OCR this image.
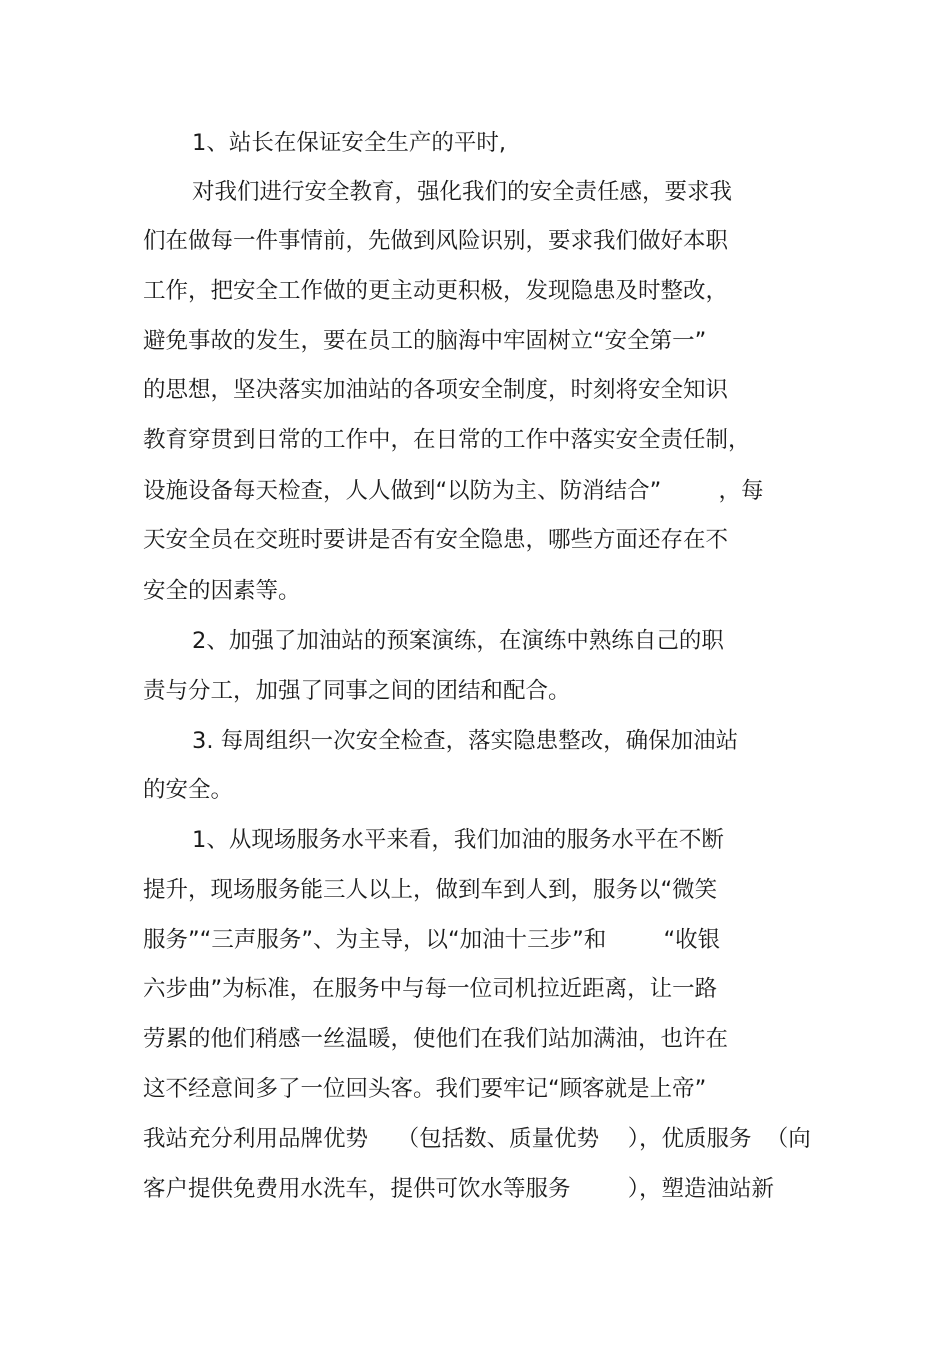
1、站长在保证安全生产的平时,
对我们进行安全教育，强化我们的安全责任感，要求我
们在做每一件事情前，先做到风险识别，要求我们做好本职
工作，把安全工作做的更主动更积极，发现隐患及时整改，
避免事故的发生，要在员工的脑海中牢固树立“安全第一”
的思想，坚决落实加油站的各项安全制度，时刻将安全知识
教育穿贯到日常的工作中，在日常的工作中落实安全责任制，
设施设备每天检查，人人做到“以防为主、防消结合”        ，每
天安全员在交班时要讲是否有安全隐患，哪些方面还存在不
安全的因素等。
2、加强了加油站的预案演练，在演练中熟练自己的职
责与分工，加强了同事之间的团结和配合。
3. 每周组织一次安全检查，落实隐患整改，确保加油站
的安全。
1、从现场服务水平来看，我们加油的服务水平在不断
提升，现场服务能三人以上，做到车到人到，服务以“微笑
服务”“三声服务”、为主导，以“加油十三步”和        “收银
六步曲”为标准，在服务中与每一位司机拉近距离，让一路
劳累的他们稍感一丝温暖，使他们在我们站加满油，也许在
这不经意间多了一位回头客。我们要牢记“顾客就是上帝”
我站充分利用品牌优势    （包括数、质量优势    ），优质服务  （向
客户提供免费用水洗车，提供可饮水等服务        ），塑造油站新
